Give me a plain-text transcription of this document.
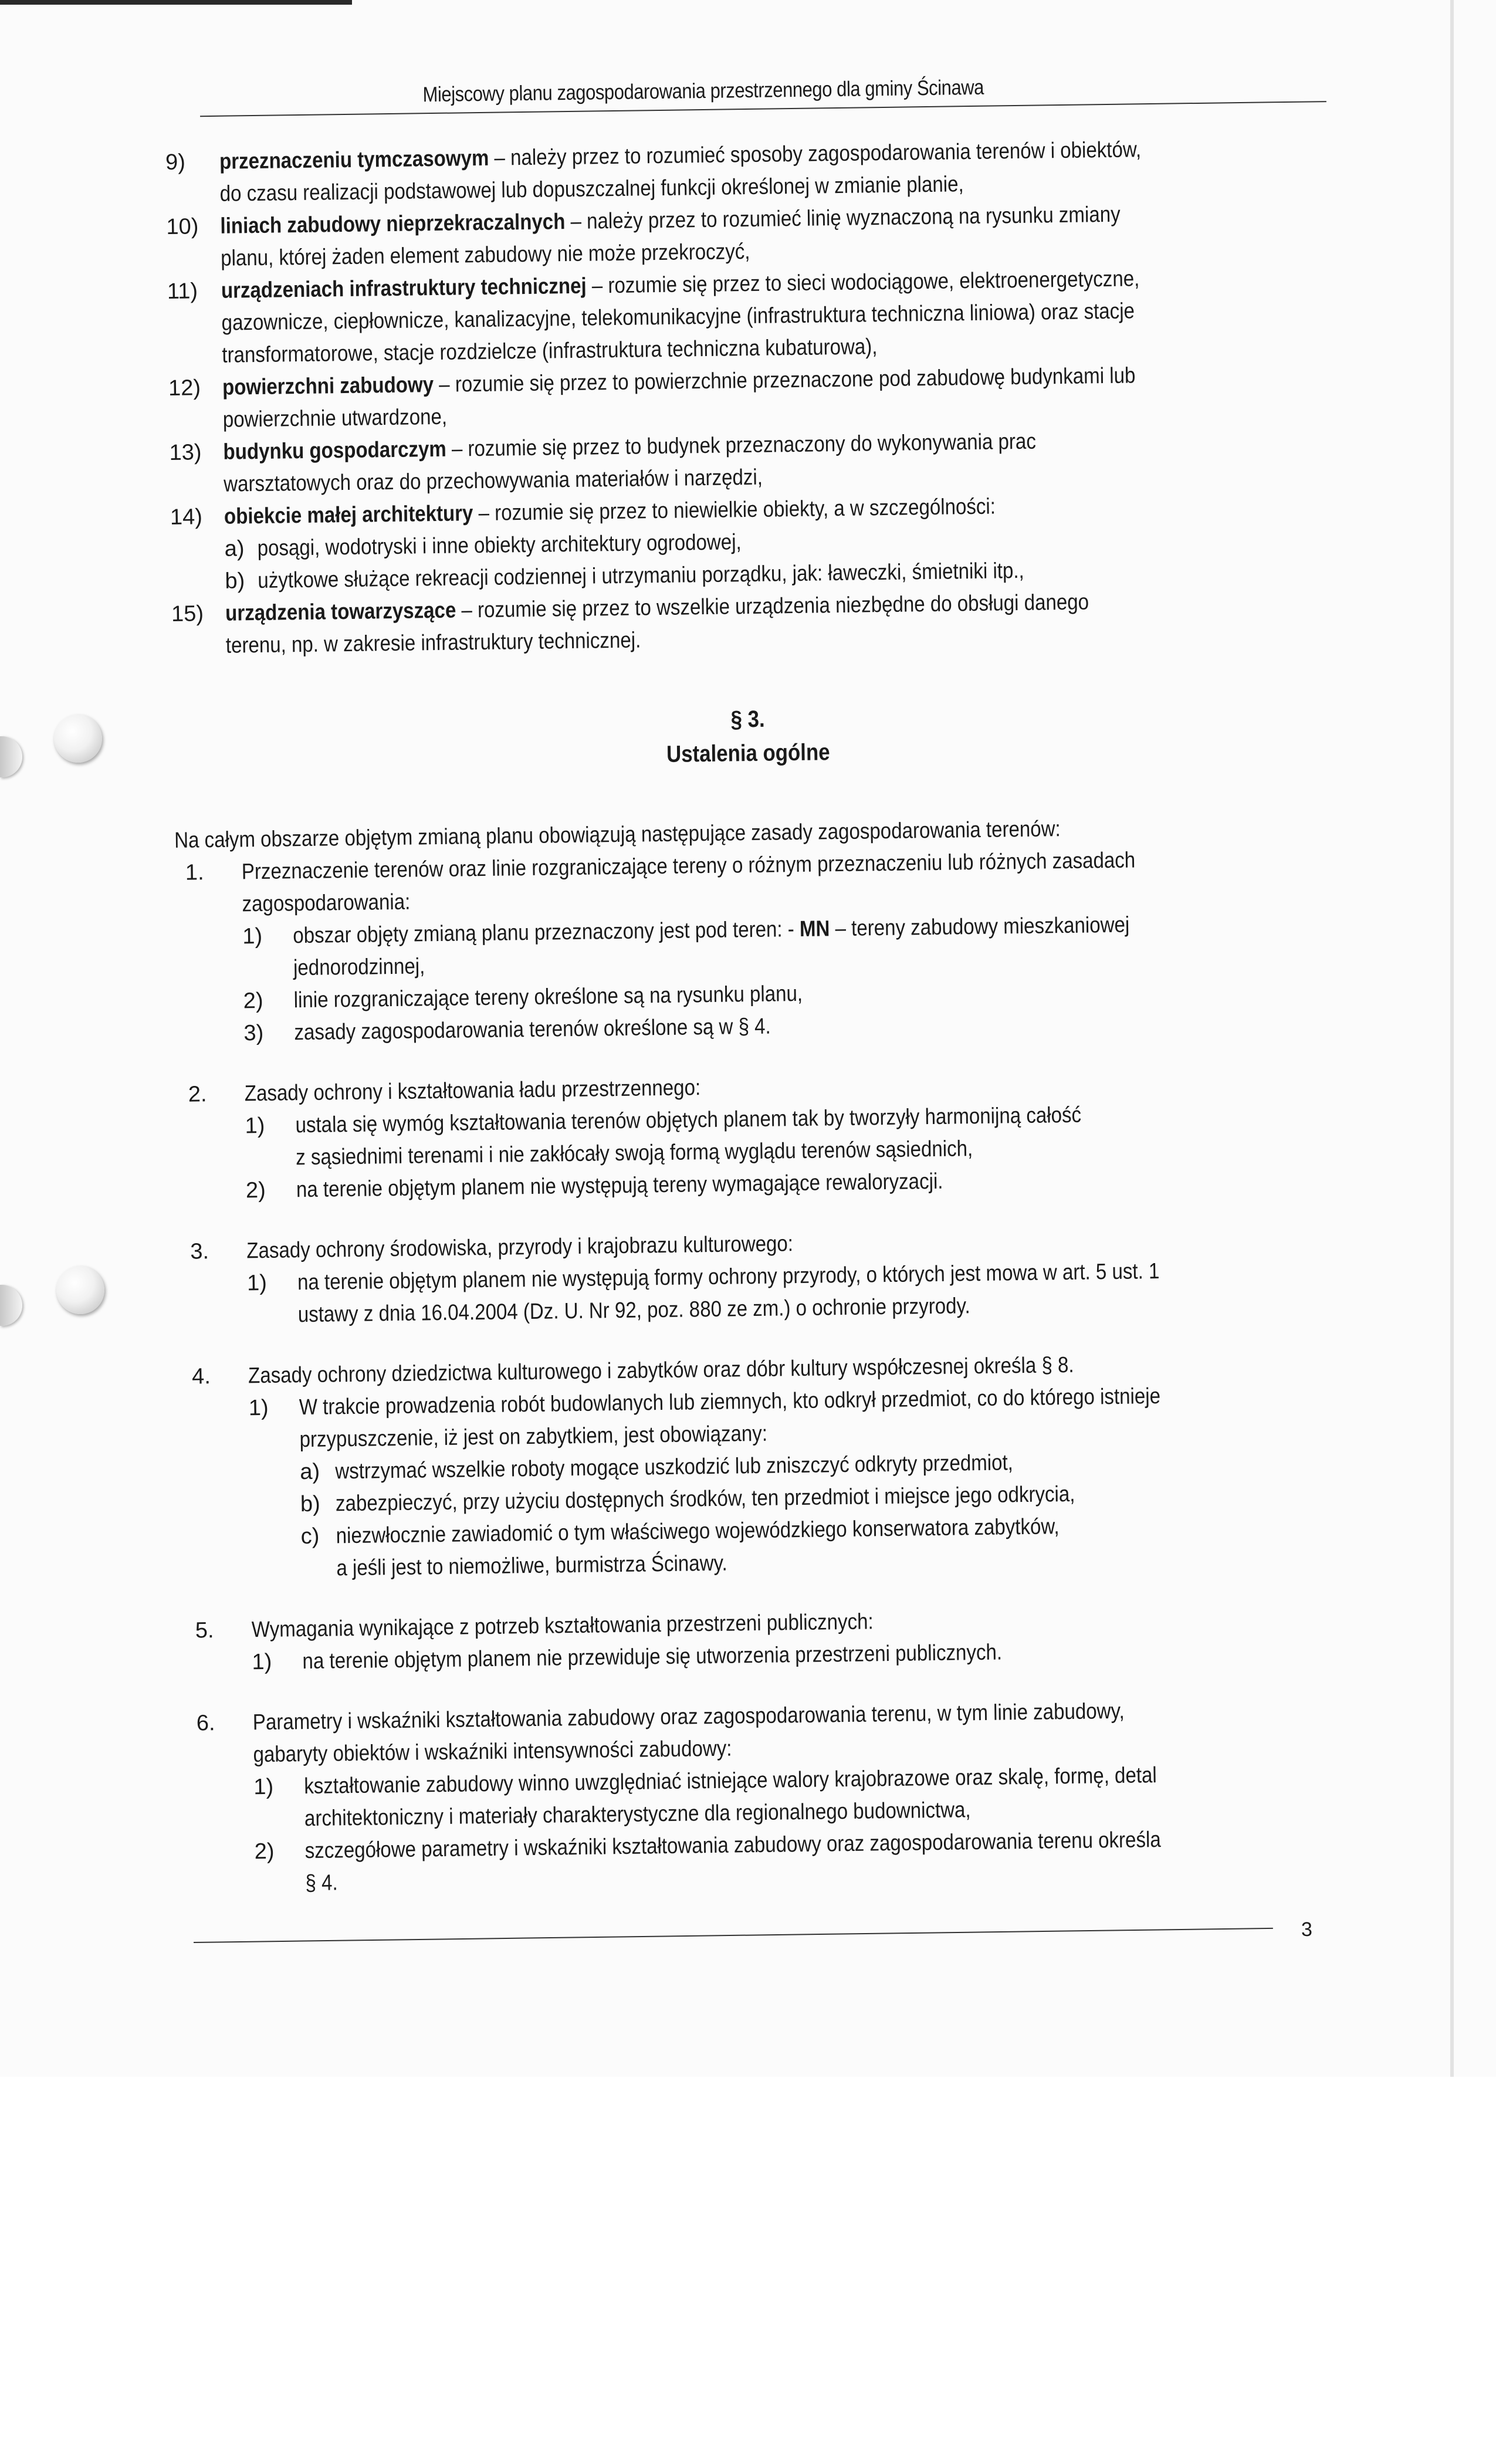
Miejscowy planu zagospodarowania przestrzennego dla gminy Ścinawa
9)	przeznaczeniu tymczasowym – należy przez to rozumieć sposoby zagospodarowania terenów i obiektów,
do czasu realizacji podstawowej lub dopuszczalnej funkcji określonej w zmianie planie,
10) liniach zabudowy nieprzekraczalnych – należy przez to rozumieć linię wyznaczoną na rysunku zmiany
planu, której żaden element zabudowy nie może przekroczyć,
11)	urządzeniach infrastruktury technicznej – rozumie się przez to sieci wodociągowe, elektroenergetyczne,
gazownicze, ciepłownicze, kanalizacyjne, telekomunikacyjne (infrastruktura techniczna liniowa) oraz stacje
transformatorowe, stacje rozdzielcze (infrastruktura techniczna kubaturowa),
12) powierzchni zabudowy – rozumie się przez to powierzchnie przeznaczone pod zabudowę budynkami lub
powierzchnie utwardzone,
13) budynku gospodarczym – rozumie się przez to budynek przeznaczony do wykonywania prac
warsztatowych oraz do przechowywania materiałów i narzędzi,
14) obiekcie małej architektury – rozumie się przez to niewielkie obiekty, a w szczególności:
a) posągi, wodotryski i inne obiekty architektury ogrodowej,
b) użytkowe służące rekreacji codziennej i utrzymaniu porządku, jak: ławeczki, śmietniki itp.,
15) urządzenia towarzyszące – rozumie się przez to wszelkie urządzenia niezbędne do obsługi danego
terenu, np. w zakresie infrastruktury technicznej.
§ 3.
Ustalenia ogólne
Na całym obszarze objętym zmianą planu obowiązują następujące zasady zagospodarowania terenów:
1.	Przeznaczenie terenów oraz linie rozgraniczające tereny o różnym przeznaczeniu lub różnych zasadach
zagospodarowania:
1)	obszar objęty zmianą planu przeznaczony jest pod teren: - MN – tereny zabudowy mieszkaniowej
jednorodzinnej,
2)	linie rozgraniczające tereny określone są na rysunku planu,
3)	zasady zagospodarowania terenów określone są w § 4.
2.	Zasady ochrony i kształtowania ładu przestrzennego:
1)	ustala się wymóg kształtowania terenów objętych planem tak by tworzyły harmonijną całość
z sąsiednimi terenami i nie zakłócały swoją formą wyglądu terenów sąsiednich,
2)	na terenie objętym planem nie występują tereny wymagające rewaloryzacji.
3.	Zasady ochrony środowiska, przyrody i krajobrazu kulturowego:
1)	na terenie objętym planem nie występują formy ochrony przyrody, o których jest mowa w art. 5 ust. 1
ustawy z dnia 16.04.2004 (Dz. U. Nr 92, poz. 880 ze zm.) o ochronie przyrody.
4.	Zasady ochrony dziedzictwa kulturowego i zabytków oraz dóbr kultury współczesnej określa § 8.
1)	W trakcie prowadzenia robót budowlanych lub ziemnych, kto odkrył przedmiot, co do którego istnieje
przypuszczenie, iż jest on zabytkiem, jest obowiązany:
a) wstrzymać wszelkie roboty mogące uszkodzić lub zniszczyć odkryty przedmiot,
b) zabezpieczyć, przy użyciu dostępnych środków, ten przedmiot i miejsce jego odkrycia,
c) niezwłocznie zawiadomić o tym właściwego wojewódzkiego konserwatora zabytków,
a jeśli jest to niemożliwe, burmistrza Ścinawy.
5.	Wymagania wynikające z potrzeb kształtowania przestrzeni publicznych:
1)	na terenie objętym planem nie przewiduje się utworzenia przestrzeni publicznych.
6.	Parametry i wskaźniki kształtowania zabudowy oraz zagospodarowania terenu, w tym linie zabudowy,
gabaryty obiektów i wskaźniki intensywności zabudowy:
1)	kształtowanie zabudowy winno uwzględniać istniejące walory krajobrazowe oraz skalę, formę, detal
architektoniczny i materiały charakterystyczne dla regionalnego budownictwa,
2)	szczegółowe parametry i wskaźniki kształtowania zabudowy oraz zagospodarowania terenu określa
§ 4.
3
